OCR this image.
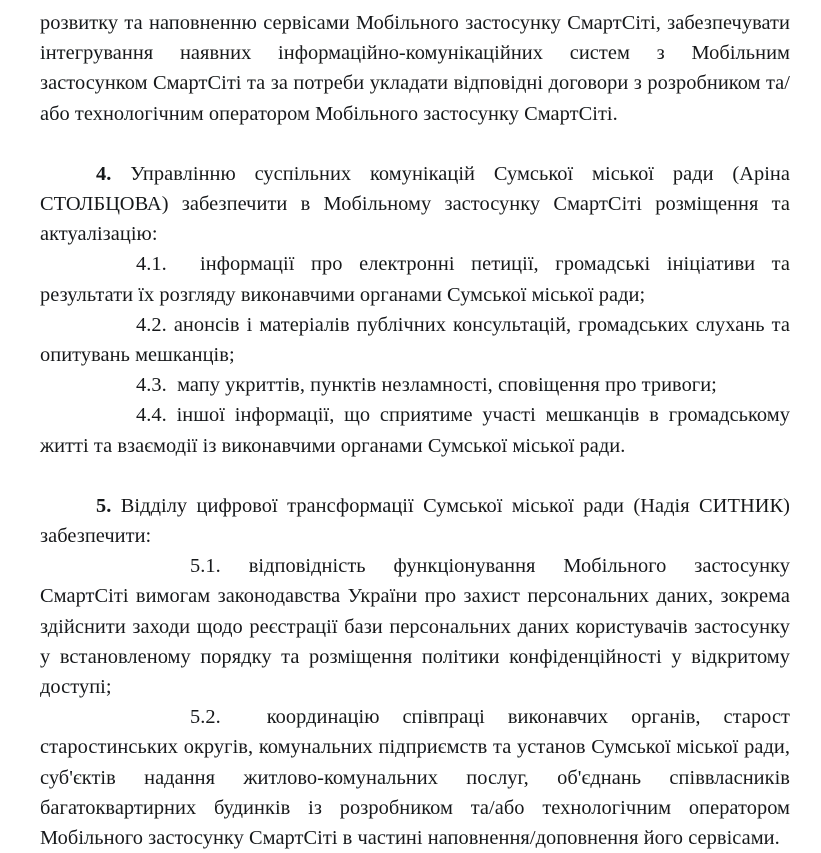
розвитку та наповненню сервісами Мобільного застосунку СмартСіті, забезпечувати інтегрування наявних інформаційно-комунікаційних систем з Мобільним застосунком СмартСіті та за потреби укладати відповідні договори з розробником та/або технологічним оператором Мобільного застосунку СмартСіті.

4. Управлінню суспільних комунікацій Сумської міської ради (Аріна СТОЛБЦОВА) забезпечити в Мобільному застосунку СмартСіті розміщення та актуалізацію:

4.1. інформації про електронні петиції, громадські ініціативи та результати їх розгляду виконавчими органами Сумської міської ради;

4.2. анонсів і матеріалів публічних консультацій, громадських слухань та опитувань мешканців;

4.3. мапу укриттів, пунктів незламності, сповіщення про тривоги;

4.4. іншої інформації, що сприятиме участі мешканців в громадському житті та взаємодії із виконавчими органами Сумської міської ради.

5. Відділу цифрової трансформації Сумської міської ради (Надія СИТНИК) забезпечити:

5.1. відповідність функціонування Мобільного застосунку СмартСіті вимогам законодавства України про захист персональних даних, зокрема здійснити заходи щодо реєстрації бази персональних даних користувачів застосунку у встановленому порядку та розміщення політики конфіденційності у відкритому доступі;

5.2. координацію співпраці виконавчих органів, старост старостинських округів, комунальних підприємств та установ Сумської міської ради, суб'єктів надання житлово-комунальних послуг, об'єднань співвласників багатоквартирних будинків із розробником та/або технологічним оператором Мобільного застосунку СмартСіті в частині наповнення/доповнення його сервісами.
